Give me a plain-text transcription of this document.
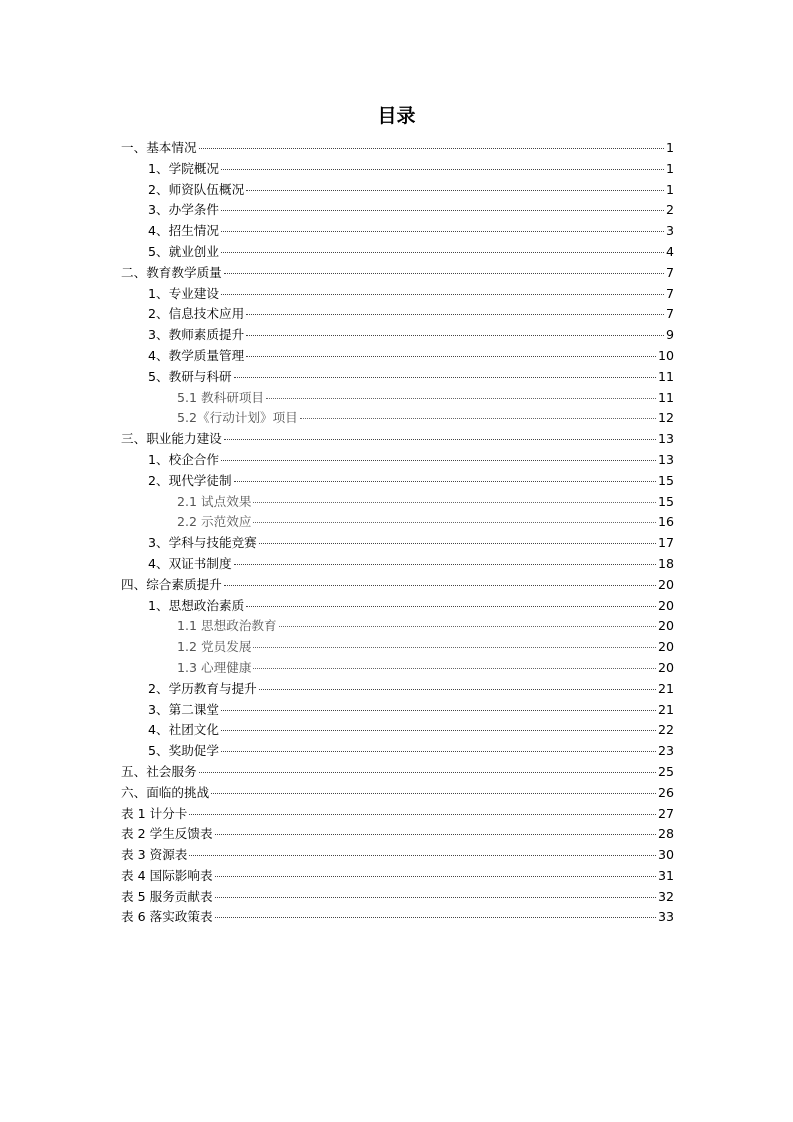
目录
一、基本情况	1
1、学院概况	1
2、师资队伍概况	1
3、办学条件	2
4、招生情况	3
5、就业创业	4
二、教育教学质量	7
1、专业建设	7
2、信息技术应用	7
3、教师素质提升	9
4、教学质量管理	10
5、教研与科研	11
5.1 教科研项目	11
5.2《行动计划》项目	12
三、职业能力建设	13
1、校企合作	13
2、现代学徒制	15
2.1 试点效果	15
2.2 示范效应	16
3、学科与技能竞赛	17
4、双证书制度	18
四、综合素质提升	20
1、思想政治素质	20
1.1 思想政治教育	20
1.2 党员发展	20
1.3 心理健康	20
2、学历教育与提升	21
3、第二课堂	21
4、社团文化	22
5、奖助促学	23
五、社会服务	25
六、面临的挑战	26
表 1 计分卡	27
表 2 学生反馈表	28
表 3 资源表	30
表 4 国际影响表	31
表 5 服务贡献表	32
表 6 落实政策表	33
